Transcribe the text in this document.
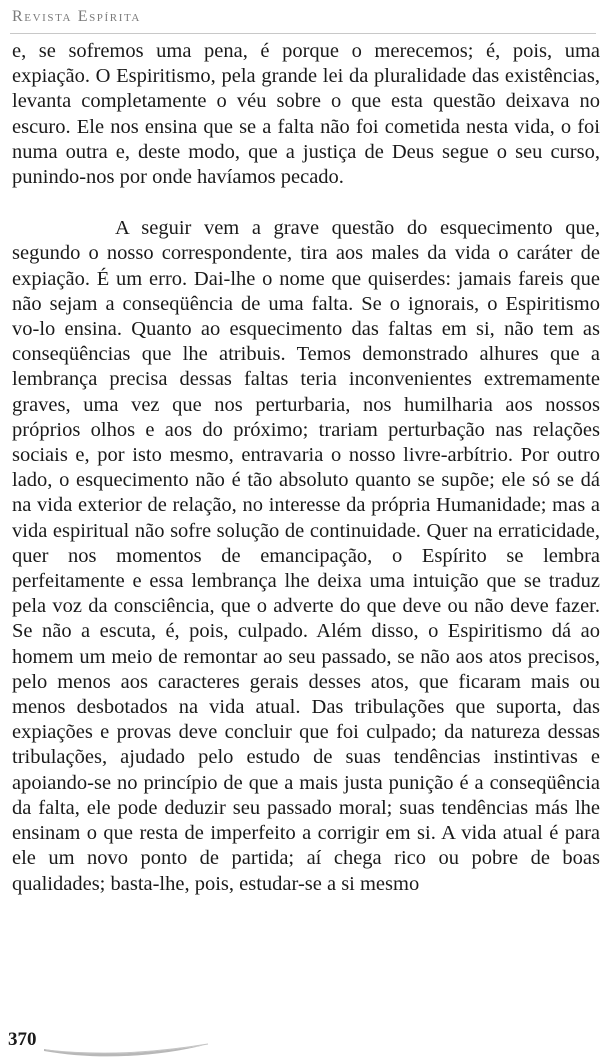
Revista Espírita

e, se sofremos uma pena, é porque o merecemos; é, pois, uma expiação. O Espiritismo, pela grande lei da pluralidade das existências, levanta completamente o véu sobre o que esta questão deixava no escuro. Ele nos ensina que se a falta não foi cometida nesta vida, o foi numa outra e, deste modo, que a justiça de Deus segue o seu curso, punindo-nos por onde havíamos pecado.

A seguir vem a grave questão do esquecimento que, segundo o nosso correspondente, tira aos males da vida o caráter de expiação. É um erro. Dai-lhe o nome que quiserdes: jamais fareis que não sejam a conseqüência de uma falta. Se o ignorais, o Espiritismo vo-lo ensina. Quanto ao esquecimento das faltas em si, não tem as conseqüências que lhe atribuis. Temos demonstrado alhures que a lembrança precisa dessas faltas teria inconvenientes extremamente graves, uma vez que nos perturbaria, nos humilharia aos nossos próprios olhos e aos do próximo; trariam perturbação nas relações sociais e, por isto mesmo, entravaria o nosso livre-arbítrio. Por outro lado, o esquecimento não é tão absoluto quanto se supõe; ele só se dá na vida exterior de relação, no interesse da própria Humanidade; mas a vida espiritual não sofre solução de continuidade. Quer na erraticidade, quer nos momentos de emancipação, o Espírito se lembra perfeitamente e essa lembrança lhe deixa uma intuição que se traduz pela voz da consciência, que o adverte do que deve ou não deve fazer. Se não a escuta, é, pois, culpado. Além disso, o Espiritismo dá ao homem um meio de remontar ao seu passado, se não aos atos precisos, pelo menos aos caracteres gerais desses atos, que ficaram mais ou menos desbotados na vida atual. Das tribulações que suporta, das expiações e provas deve concluir que foi culpado; da natureza dessas tribulações, ajudado pelo estudo de suas tendências instintivas e apoiando-se no princípio de que a mais justa punição é a conseqüência da falta, ele pode deduzir seu passado moral; suas tendências más lhe ensinam o que resta de imperfeito a corrigir em si. A vida atual é para ele um novo ponto de partida; aí chega rico ou pobre de boas qualidades; basta-lhe, pois, estudar-se a si mesmo

370
